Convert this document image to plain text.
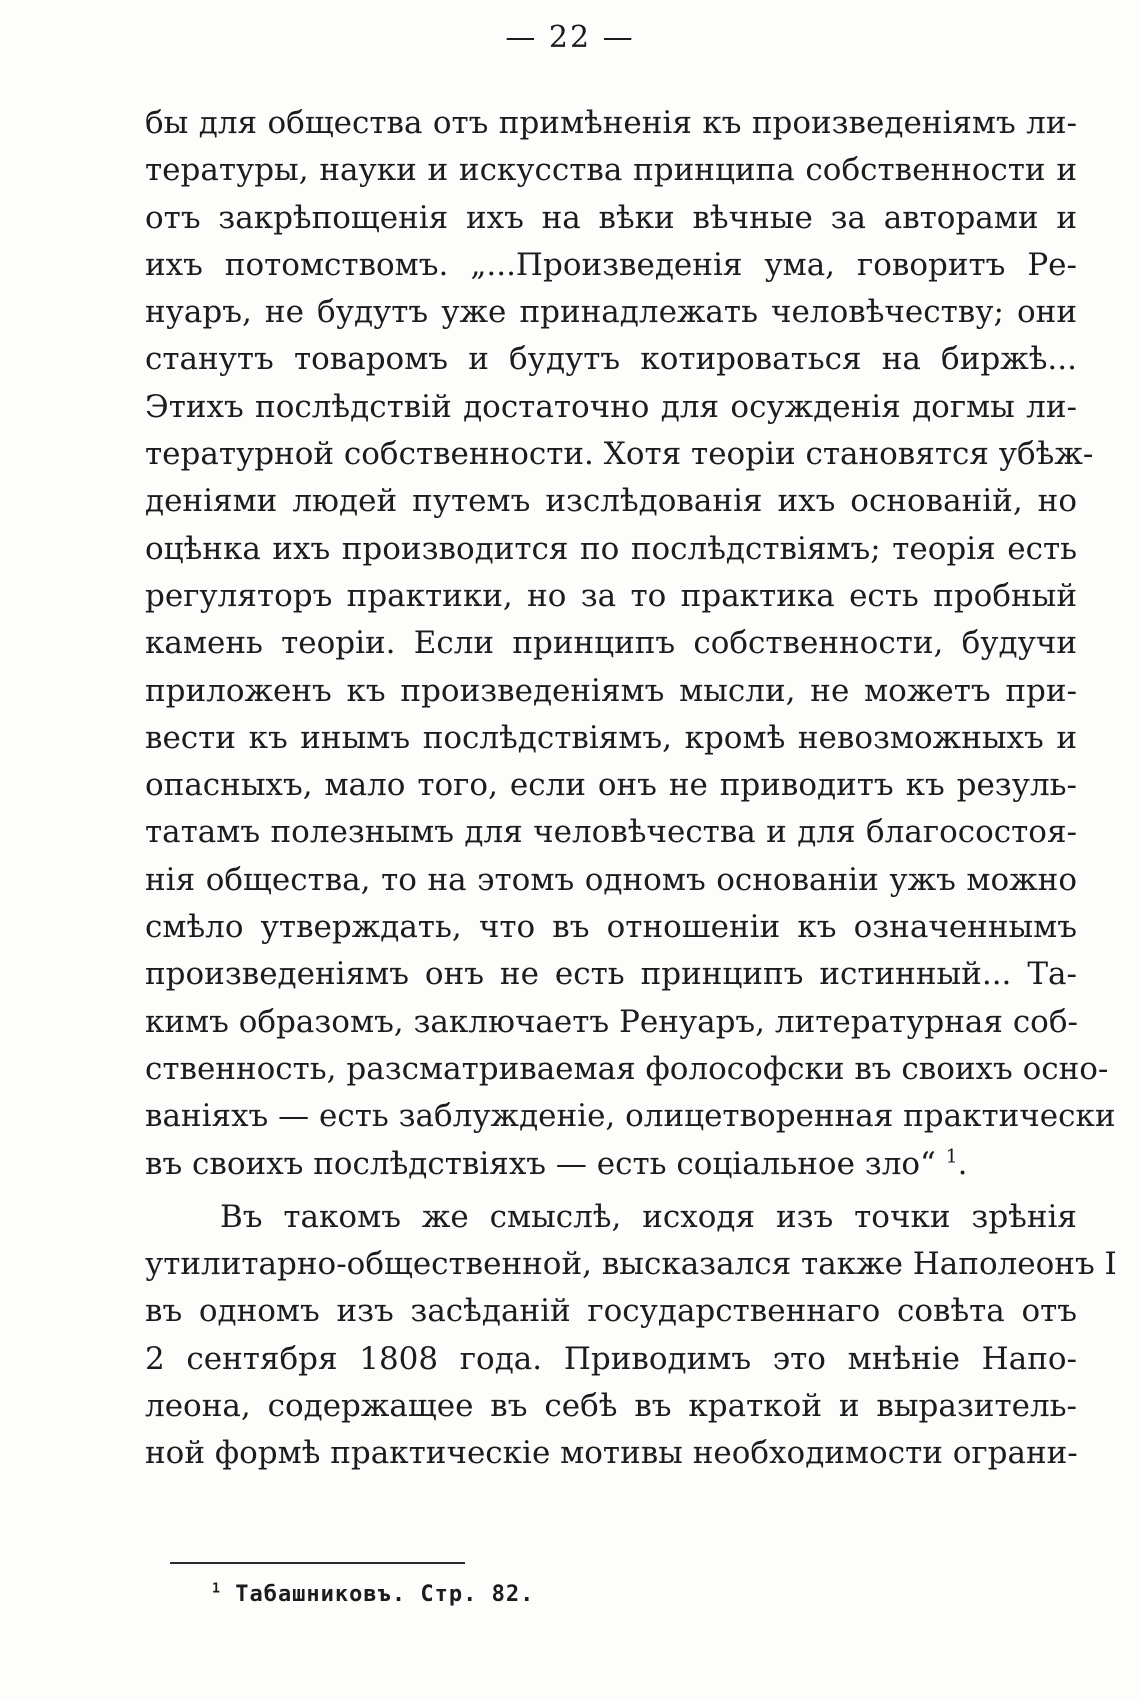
— 22 —
бы для общества отъ примѣненія къ произведеніямъ ли-
тературы, науки и искусства принципа собственности и
отъ закрѣпощенія ихъ на вѣки вѣчные за авторами и
ихъ потомствомъ. „...Произведенія ума, говоритъ Ре-
нуаръ, не будутъ уже принадлежать человѣчеству; они
станутъ товаромъ и будутъ котироваться на биржѣ...
Этихъ послѣдствій достаточно для осужденія догмы ли-
тературной собственности. Хотя теоріи становятся убѣж-
деніями людей путемъ изслѣдованія ихъ основаній, но
оцѣнка ихъ производится по послѣдствіямъ; теорія есть
регуляторъ практики, но за то практика есть пробный
камень теоріи. Если принципъ собственности, будучи
приложенъ къ произведеніямъ мысли, не можетъ при-
вести къ инымъ послѣдствіямъ, кромѣ невозможныхъ и
опасныхъ, мало того, если онъ не приводитъ къ резуль-
татамъ полезнымъ для человѣчества и для благосостоя-
нія общества, то на этомъ одномъ основаніи ужъ можно
смѣло утверждать, что въ отношеніи къ означеннымъ
произведеніямъ онъ не есть принципъ истинный... Та-
кимъ образомъ, заключаетъ Ренуаръ, литературная соб-
ственность, разсматриваемая фолософски въ своихъ осно-
ваніяхъ — есть заблужденіе, олицетворенная практически
въ своихъ послѣдствіяхъ — есть соціальное зло“ $^1$.
Въ такомъ же смыслѣ, исходя изъ точки зрѣнія
утилитарно-общественной, высказался также Наполеонъ I
въ одномъ изъ засѣданій государственнаго совѣта отъ
2 сентября 1808 года. Приводимъ это мнѣніе Напо-
леона, содержащее въ себѣ въ краткой и выразитель-
ной формѣ практическіе мотивы необходимости ограни-
$^1$ Табашниковъ. Стр. 82.
